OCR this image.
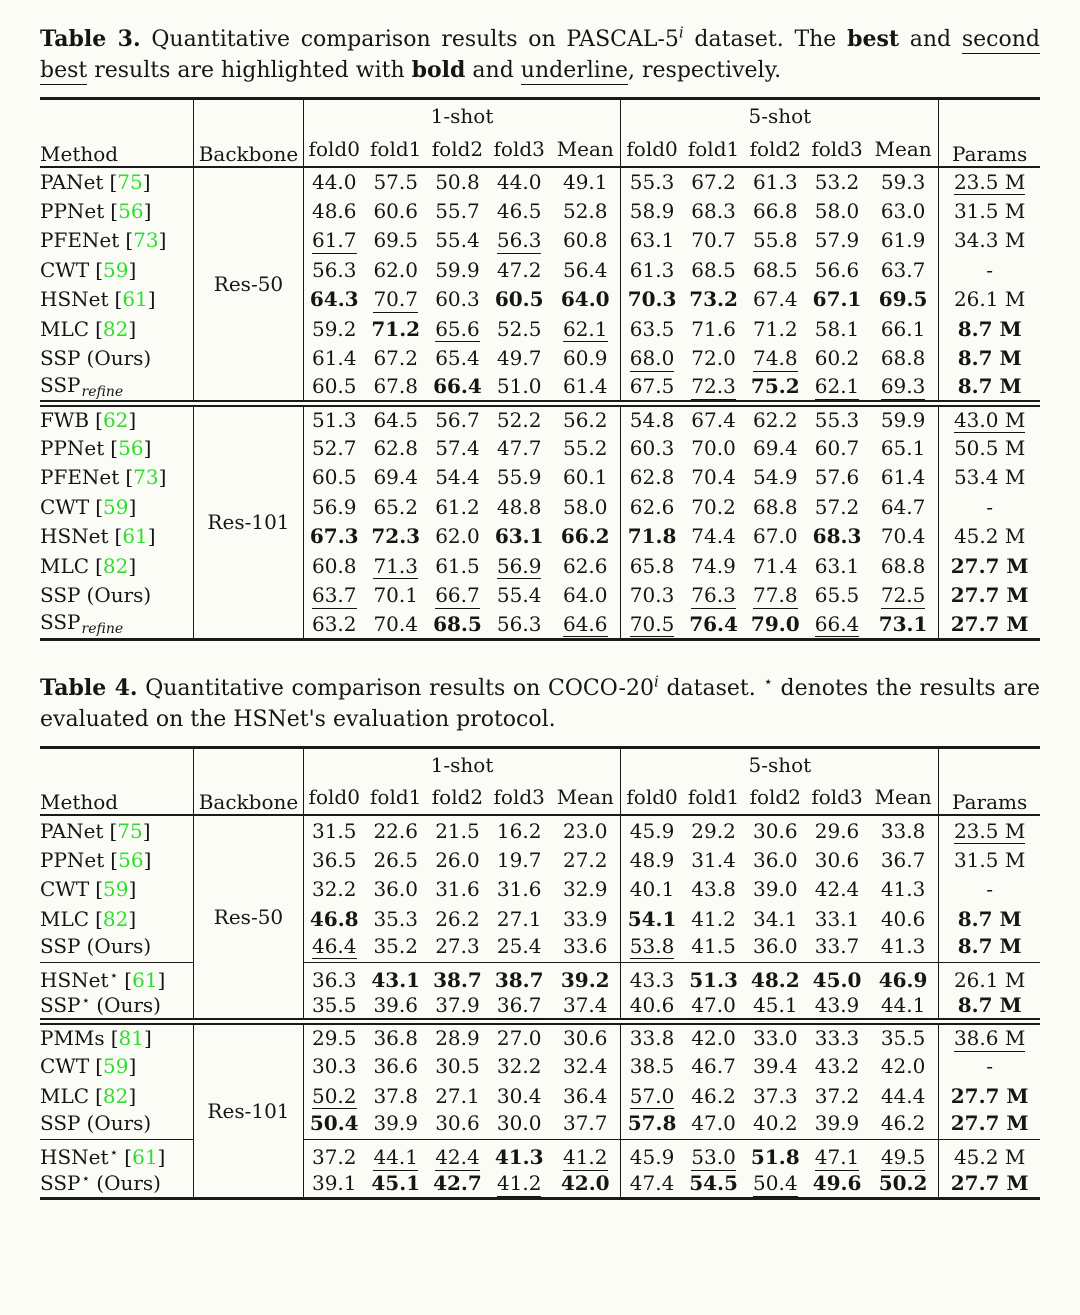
Table 3. Quantitative comparison results on PASCAL-5$^i$ dataset. The best and second best results are highlighted with bold and underline, respectively.

Method	Backbone	1-shot					5-shot					Params
		fold0	fold1	fold2	fold3	Mean	fold0	fold1	fold2	fold3	Mean	
PANet [75]	Res-50	44.0	57.5	50.8	44.0	49.1	55.3	67.2	61.3	53.2	59.3	23.5 M
PPNet [56]		48.6	60.6	55.7	46.5	52.8	58.9	68.3	66.8	58.0	63.0	31.5 M
PFENet [73]		61.7	69.5	55.4	56.3	60.8	63.1	70.7	55.8	57.9	61.9	34.3 M
CWT [59]		56.3	62.0	59.9	47.2	56.4	61.3	68.5	68.5	56.6	63.7	-
HSNet [61]		64.3	70.7	60.3	60.5	64.0	70.3	73.2	67.4	67.1	69.5	26.1 M
MLC [82]		59.2	71.2	65.6	52.5	62.1	63.5	71.6	71.2	58.1	66.1	8.7 M
SSP (Ours)		61.4	67.2	65.4	49.7	60.9	68.0	72.0	74.8	60.2	68.8	8.7 M
SSPrefine		60.5	67.8	66.4	51.0	61.4	67.5	72.3	75.2	62.1	69.3	8.7 M
FWB [62]	Res-101	51.3	64.5	56.7	52.2	56.2	54.8	67.4	62.2	55.3	59.9	43.0 M
PPNet [56]		52.7	62.8	57.4	47.7	55.2	60.3	70.0	69.4	60.7	65.1	50.5 M
PFENet [73]		60.5	69.4	54.4	55.9	60.1	62.8	70.4	54.9	57.6	61.4	53.4 M
CWT [59]		56.9	65.2	61.2	48.8	58.0	62.6	70.2	68.8	57.2	64.7	-
HSNet [61]		67.3	72.3	62.0	63.1	66.2	71.8	74.4	67.0	68.3	70.4	45.2 M
MLC [82]		60.8	71.3	61.5	56.9	62.6	65.8	74.9	71.4	63.1	68.8	27.7 M
SSP (Ours)		63.7	70.1	66.7	55.4	64.0	70.3	76.3	77.8	65.5	72.5	27.7 M
SSPrefine		63.2	70.4	68.5	56.3	64.6	70.5	76.4	79.0	66.4	73.1	27.7 M

Table 4. Quantitative comparison results on COCO-20$^i$ dataset. ⋆ denotes the results are evaluated on the HSNet's evaluation protocol.

Method	Backbone	1-shot					5-shot					Params
		fold0	fold1	fold2	fold3	Mean	fold0	fold1	fold2	fold3	Mean	
PANet [75]	Res-50	31.5	22.6	21.5	16.2	23.0	45.9	29.2	30.6	29.6	33.8	23.5 M
PPNet [56]		36.5	26.5	26.0	19.7	27.2	48.9	31.4	36.0	30.6	36.7	31.5 M
CWT [59]		32.2	36.0	31.6	31.6	32.9	40.1	43.8	39.0	42.4	41.3	-
MLC [82]		46.8	35.3	26.2	27.1	33.9	54.1	41.2	34.1	33.1	40.6	8.7 M
SSP (Ours)		46.4	35.2	27.3	25.4	33.6	53.8	41.5	36.0	33.7	41.3	8.7 M
HSNet⋆ [61]		36.3	43.1	38.7	38.7	39.2	43.3	51.3	48.2	45.0	46.9	26.1 M
SSP⋆ (Ours)		35.5	39.6	37.9	36.7	37.4	40.6	47.0	45.1	43.9	44.1	8.7 M
PMMs [81]	Res-101	29.5	36.8	28.9	27.0	30.6	33.8	42.0	33.0	33.3	35.5	38.6 M
CWT [59]		30.3	36.6	30.5	32.2	32.4	38.5	46.7	39.4	43.2	42.0	-
MLC [82]		50.2	37.8	27.1	30.4	36.4	57.0	46.2	37.3	37.2	44.4	27.7 M
SSP (Ours)		50.4	39.9	30.6	30.0	37.7	57.8	47.0	40.2	39.9	46.2	27.7 M
HSNet⋆ [61]		37.2	44.1	42.4	41.3	41.2	45.9	53.0	51.8	47.1	49.5	45.2 M
SSP⋆ (Ours)		39.1	45.1	42.7	41.2	42.0	47.4	54.5	50.4	49.6	50.2	27.7 M
